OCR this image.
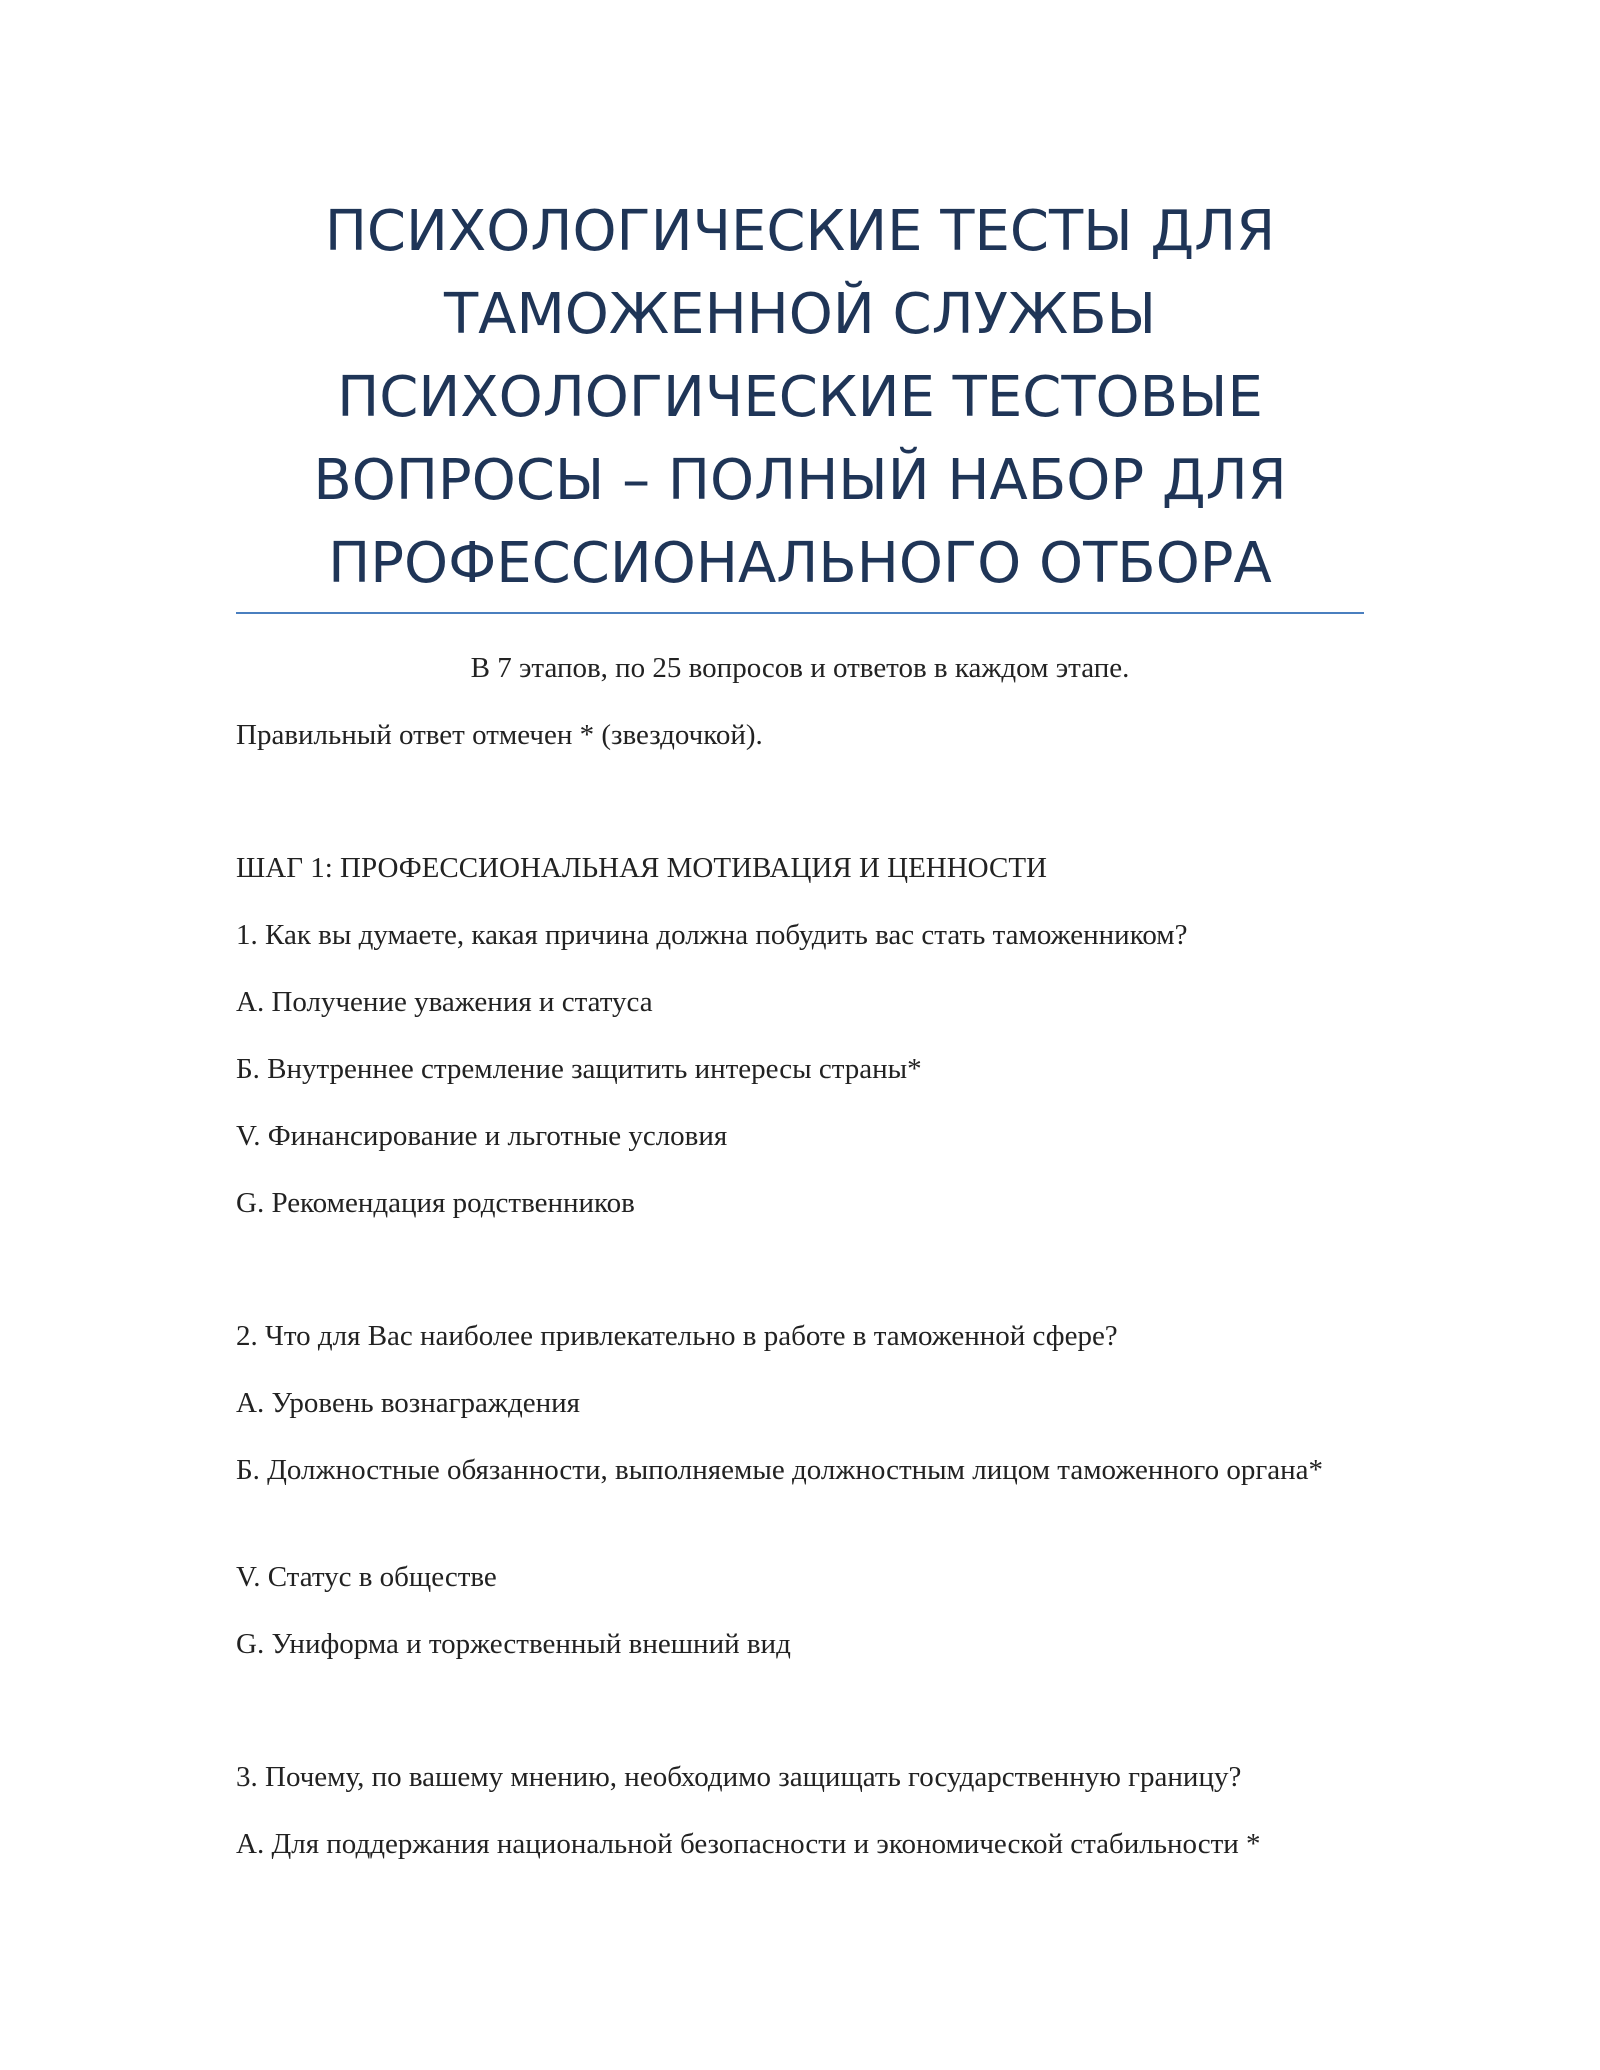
ПСИХОЛОГИЧЕСКИЕ ТЕСТЫ ДЛЯ
ТАМОЖЕННОЙ СЛУЖБЫ
ПСИХОЛОГИЧЕСКИЕ ТЕСТОВЫЕ
ВОПРОСЫ – ПОЛНЫЙ НАБОР ДЛЯ
ПРОФЕССИОНАЛЬНОГО ОТБОРА
В 7 этапов, по 25 вопросов и ответов в каждом этапе.
Правильный ответ отмечен * (звездочкой).
ШАГ 1: ПРОФЕССИОНАЛЬНАЯ МОТИВАЦИЯ И ЦЕННОСТИ
1. Как вы думаете, какая причина должна побудить вас стать таможенником?
А. Получение уважения и статуса
Б. Внутреннее стремление защитить интересы страны*
V. Финансирование и льготные условия
G. Рекомендация родственников
2. Что для Вас наиболее привлекательно в работе в таможенной сфере?
А. Уровень вознаграждения
Б. Должностные обязанности, выполняемые должностным лицом таможенного органа*
V. Статус в обществе
G. Униформа и торжественный внешний вид
3. Почему, по вашему мнению, необходимо защищать государственную границу?
А. Для поддержания национальной безопасности и экономической стабильности *
